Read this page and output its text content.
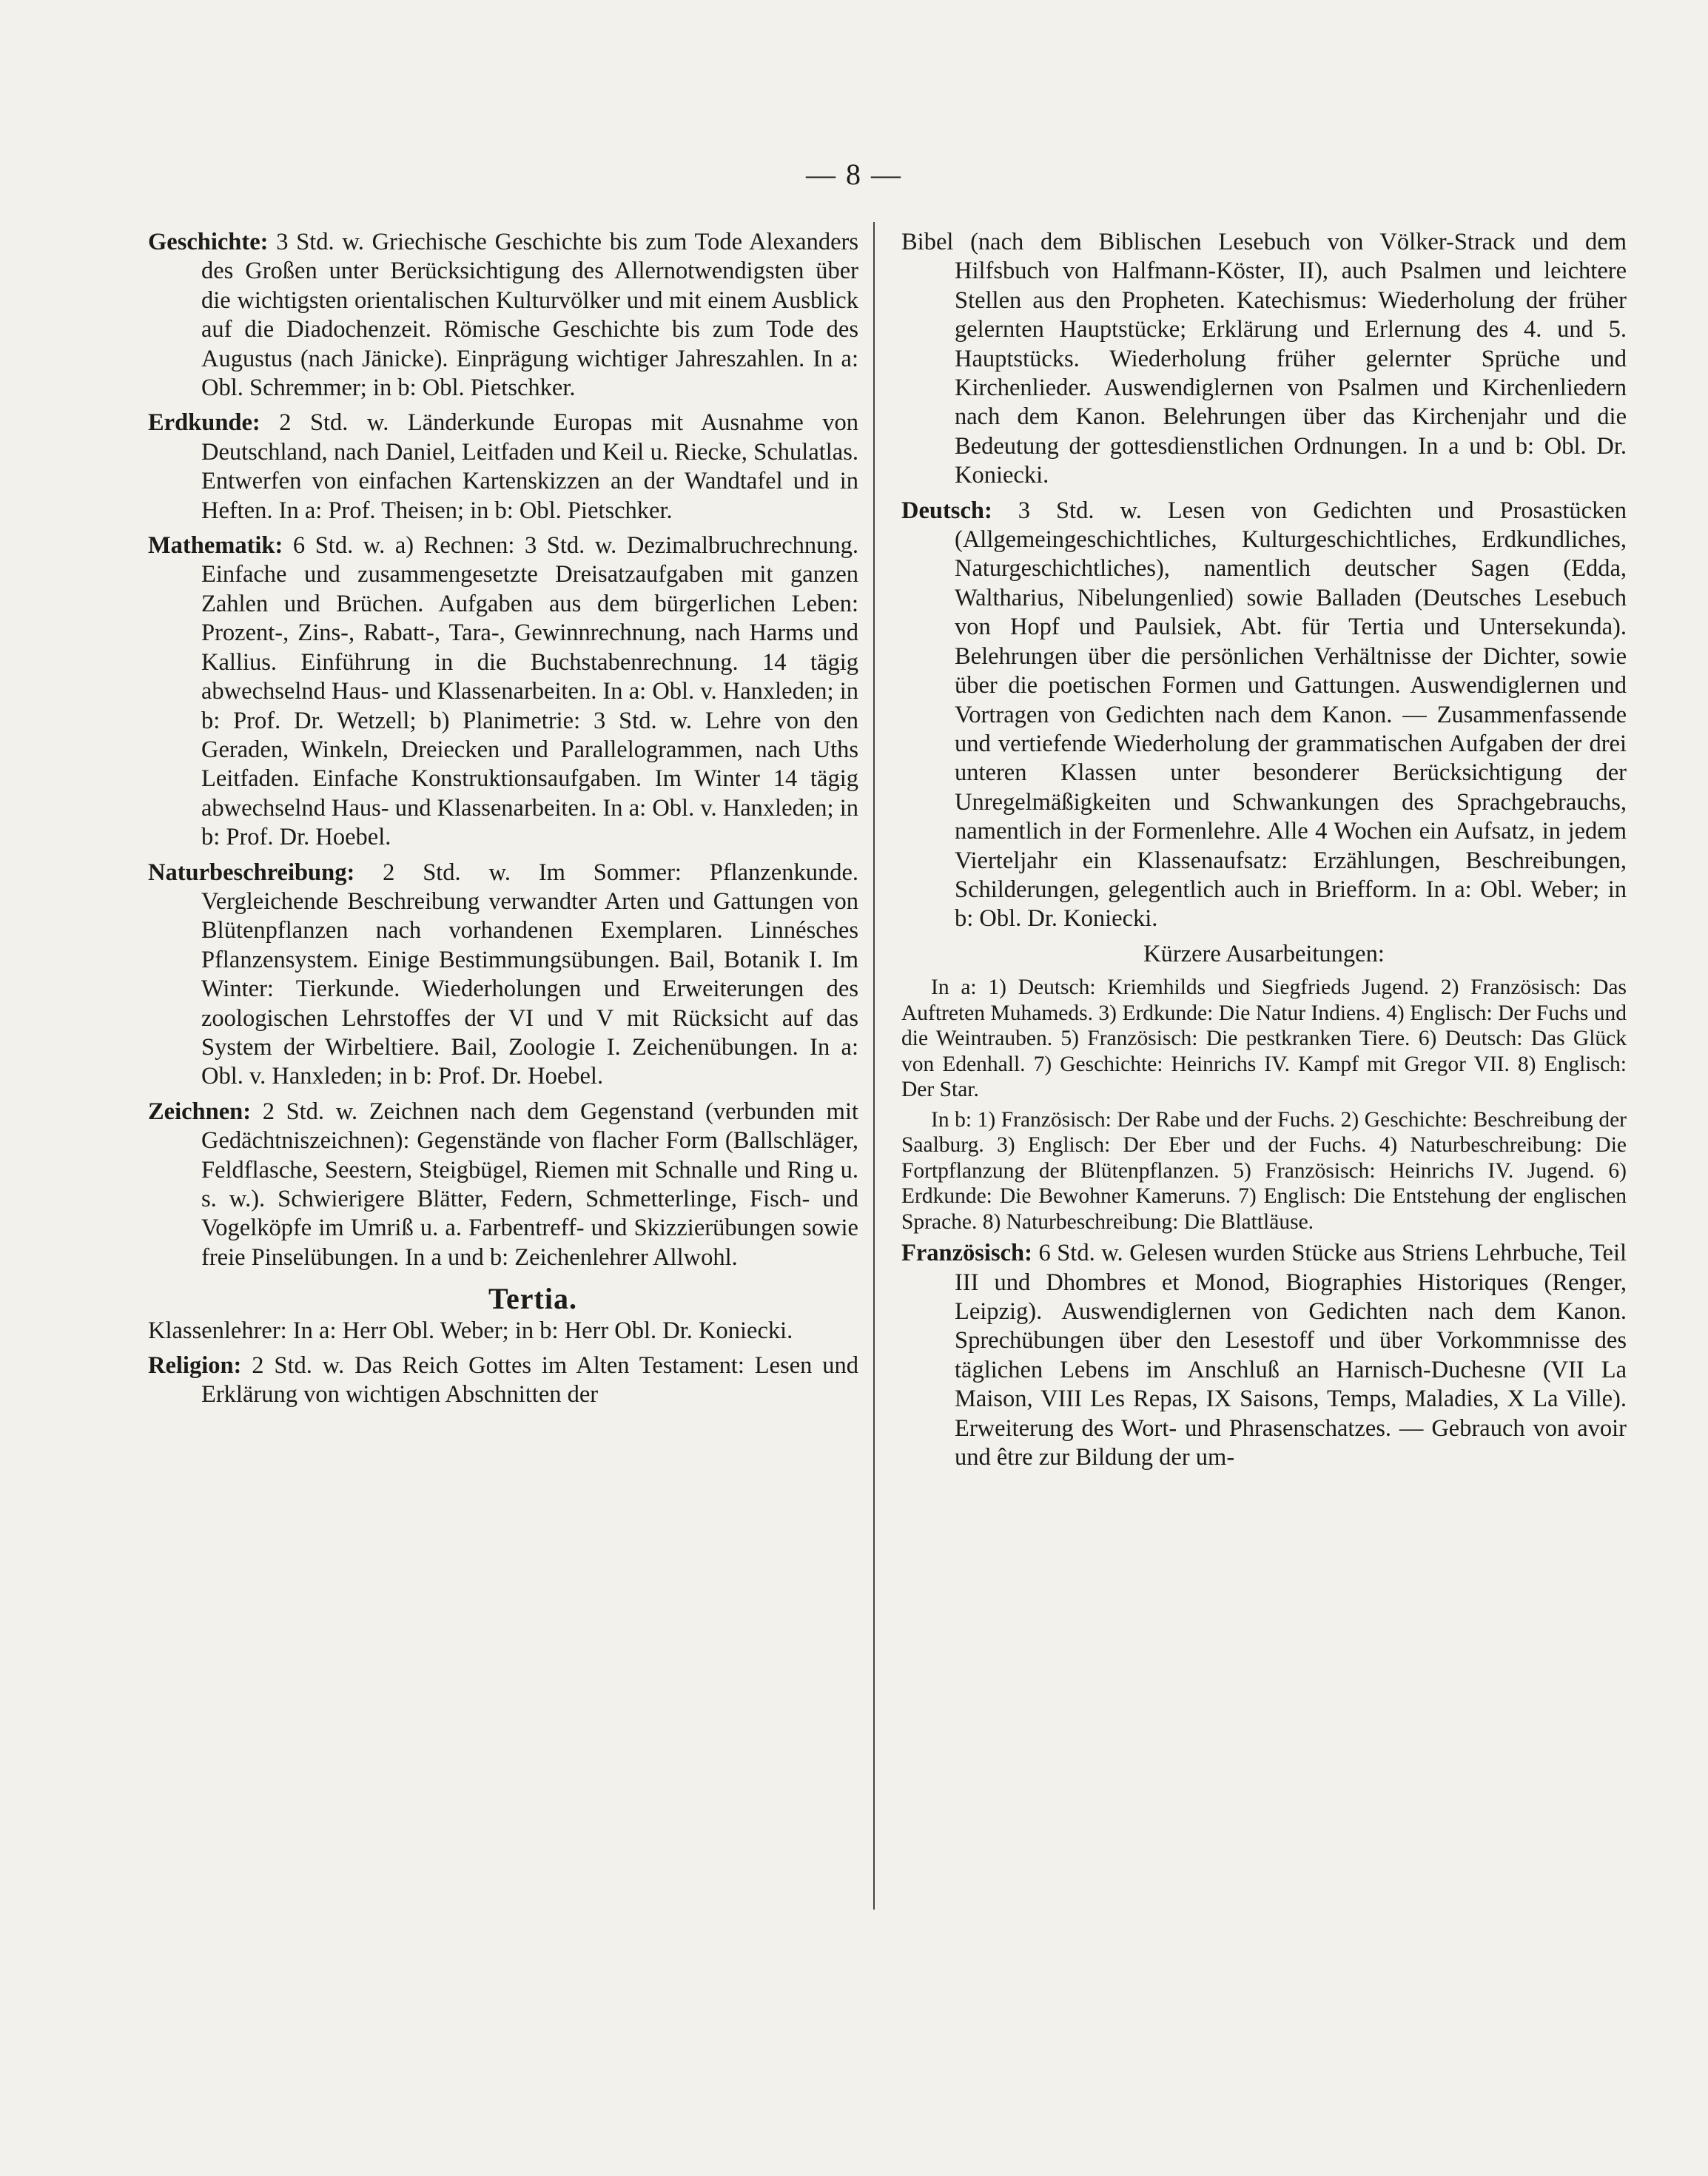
— 8 —

Geschichte: 3 Std. w. Griechische Geschichte bis zum Tode Alexanders des Großen unter Berücksichtigung des Allernotwendigsten über die wichtigsten orientalischen Kulturvölker und mit einem Ausblick auf die Diadochenzeit. Römische Geschichte bis zum Tode des Augustus (nach Jänicke). Einprägung wichtiger Jahreszahlen. In a: Obl. Schremmer; in b: Obl. Pietschker.

Erdkunde: 2 Std. w. Länderkunde Europas mit Ausnahme von Deutschland, nach Daniel, Leitfaden und Keil u. Riecke, Schulatlas. Entwerfen von einfachen Kartenskizzen an der Wandtafel und in Heften. In a: Prof. Theisen; in b: Obl. Pietschker.

Mathematik: 6 Std. w. a) Rechnen: 3 Std. w. Dezimalbruchrechnung. Einfache und zusammengesetzte Dreisatzaufgaben mit ganzen Zahlen und Brüchen. Aufgaben aus dem bürgerlichen Leben: Prozent-, Zins-, Rabatt-, Tara-, Gewinnrechnung, nach Harms und Kallius. Einführung in die Buchstabenrechnung. 14 tägig abwechselnd Haus- und Klassenarbeiten. In a: Obl. v. Hanxleden; in b: Prof. Dr. Wetzell; b) Planimetrie: 3 Std. w. Lehre von den Geraden, Winkeln, Dreiecken und Parallelogrammen, nach Uths Leitfaden. Einfache Konstruktionsaufgaben. Im Winter 14 tägig abwechselnd Haus- und Klassenarbeiten. In a: Obl. v. Hanxleden; in b: Prof. Dr. Hoebel.

Naturbeschreibung: 2 Std. w. Im Sommer: Pflanzenkunde. Vergleichende Beschreibung verwandter Arten und Gattungen von Blütenpflanzen nach vorhandenen Exemplaren. Linnésches Pflanzensystem. Einige Bestimmungsübungen. Bail, Botanik I. Im Winter: Tierkunde. Wiederholungen und Erweiterungen des zoologischen Lehrstoffes der VI und V mit Rücksicht auf das System der Wirbeltiere. Bail, Zoologie I. Zeichenübungen. In a: Obl. v. Hanxleden; in b: Prof. Dr. Hoebel.

Zeichnen: 2 Std. w. Zeichnen nach dem Gegenstand (verbunden mit Gedächtniszeichnen): Gegenstände von flacher Form (Ballschläger, Feldflasche, Seestern, Steigbügel, Riemen mit Schnalle und Ring u. s. w.). Schwierigere Blätter, Federn, Schmetterlinge, Fisch- und Vogelköpfe im Umriß u. a. Farbentreff- und Skizzierübungen sowie freie Pinselübungen. In a und b: Zeichenlehrer Allwohl.

Tertia.

Klassenlehrer: In a: Herr Obl. Weber; in b: Herr Obl. Dr. Koniecki.

Religion: 2 Std. w. Das Reich Gottes im Alten Testament: Lesen und Erklärung von wichtigen Abschnitten der

Bibel (nach dem Biblischen Lesebuch von Völker-Strack und dem Hilfsbuch von Halfmann-Köster, II), auch Psalmen und leichtere Stellen aus den Propheten. Katechismus: Wiederholung der früher gelernten Hauptstücke; Erklärung und Erlernung des 4. und 5. Hauptstücks. Wiederholung früher gelernter Sprüche und Kirchenlieder. Auswendiglernen von Psalmen und Kirchenliedern nach dem Kanon. Belehrungen über das Kirchenjahr und die Bedeutung der gottesdienstlichen Ordnungen. In a und b: Obl. Dr. Koniecki.

Deutsch: 3 Std. w. Lesen von Gedichten und Prosastücken (Allgemeingeschichtliches, Kulturgeschichtliches, Erdkundliches, Naturgeschichtliches), namentlich deutscher Sagen (Edda, Waltharius, Nibelungenlied) sowie Balladen (Deutsches Lesebuch von Hopf und Paulsiek, Abt. für Tertia und Untersekunda). Belehrungen über die persönlichen Verhältnisse der Dichter, sowie über die poetischen Formen und Gattungen. Auswendiglernen und Vortragen von Gedichten nach dem Kanon. — Zusammenfassende und vertiefende Wiederholung der grammatischen Aufgaben der drei unteren Klassen unter besonderer Berücksichtigung der Unregelmäßigkeiten und Schwankungen des Sprachgebrauchs, namentlich in der Formenlehre. Alle 4 Wochen ein Aufsatz, in jedem Vierteljahr ein Klassenaufsatz: Erzählungen, Beschreibungen, Schilderungen, gelegentlich auch in Briefform. In a: Obl. Weber; in b: Obl. Dr. Koniecki.

Kürzere Ausarbeitungen:

In a: 1) Deutsch: Kriemhilds und Siegfrieds Jugend. 2) Französisch: Das Auftreten Muhameds. 3) Erdkunde: Die Natur Indiens. 4) Englisch: Der Fuchs und die Weintrauben. 5) Französisch: Die pestkranken Tiere. 6) Deutsch: Das Glück von Edenhall. 7) Geschichte: Heinrichs IV. Kampf mit Gregor VII. 8) Englisch: Der Star.

In b: 1) Französisch: Der Rabe und der Fuchs. 2) Geschichte: Beschreibung der Saalburg. 3) Englisch: Der Eber und der Fuchs. 4) Naturbeschreibung: Die Fortpflanzung der Blütenpflanzen. 5) Französisch: Heinrichs IV. Jugend. 6) Erdkunde: Die Bewohner Kameruns. 7) Englisch: Die Entstehung der englischen Sprache. 8) Naturbeschreibung: Die Blattläuse.

Französisch: 6 Std. w. Gelesen wurden Stücke aus Striens Lehrbuche, Teil III und Dhombres et Monod, Biographies Historiques (Renger, Leipzig). Auswendiglernen von Gedichten nach dem Kanon. Sprechübungen über den Lesestoff und über Vorkommnisse des täglichen Lebens im Anschluß an Harnisch-Duchesne (VII La Maison, VIII Les Repas, IX Saisons, Temps, Maladies, X La Ville). Erweiterung des Wort- und Phrasenschatzes. — Gebrauch von avoir und être zur Bildung der um-
